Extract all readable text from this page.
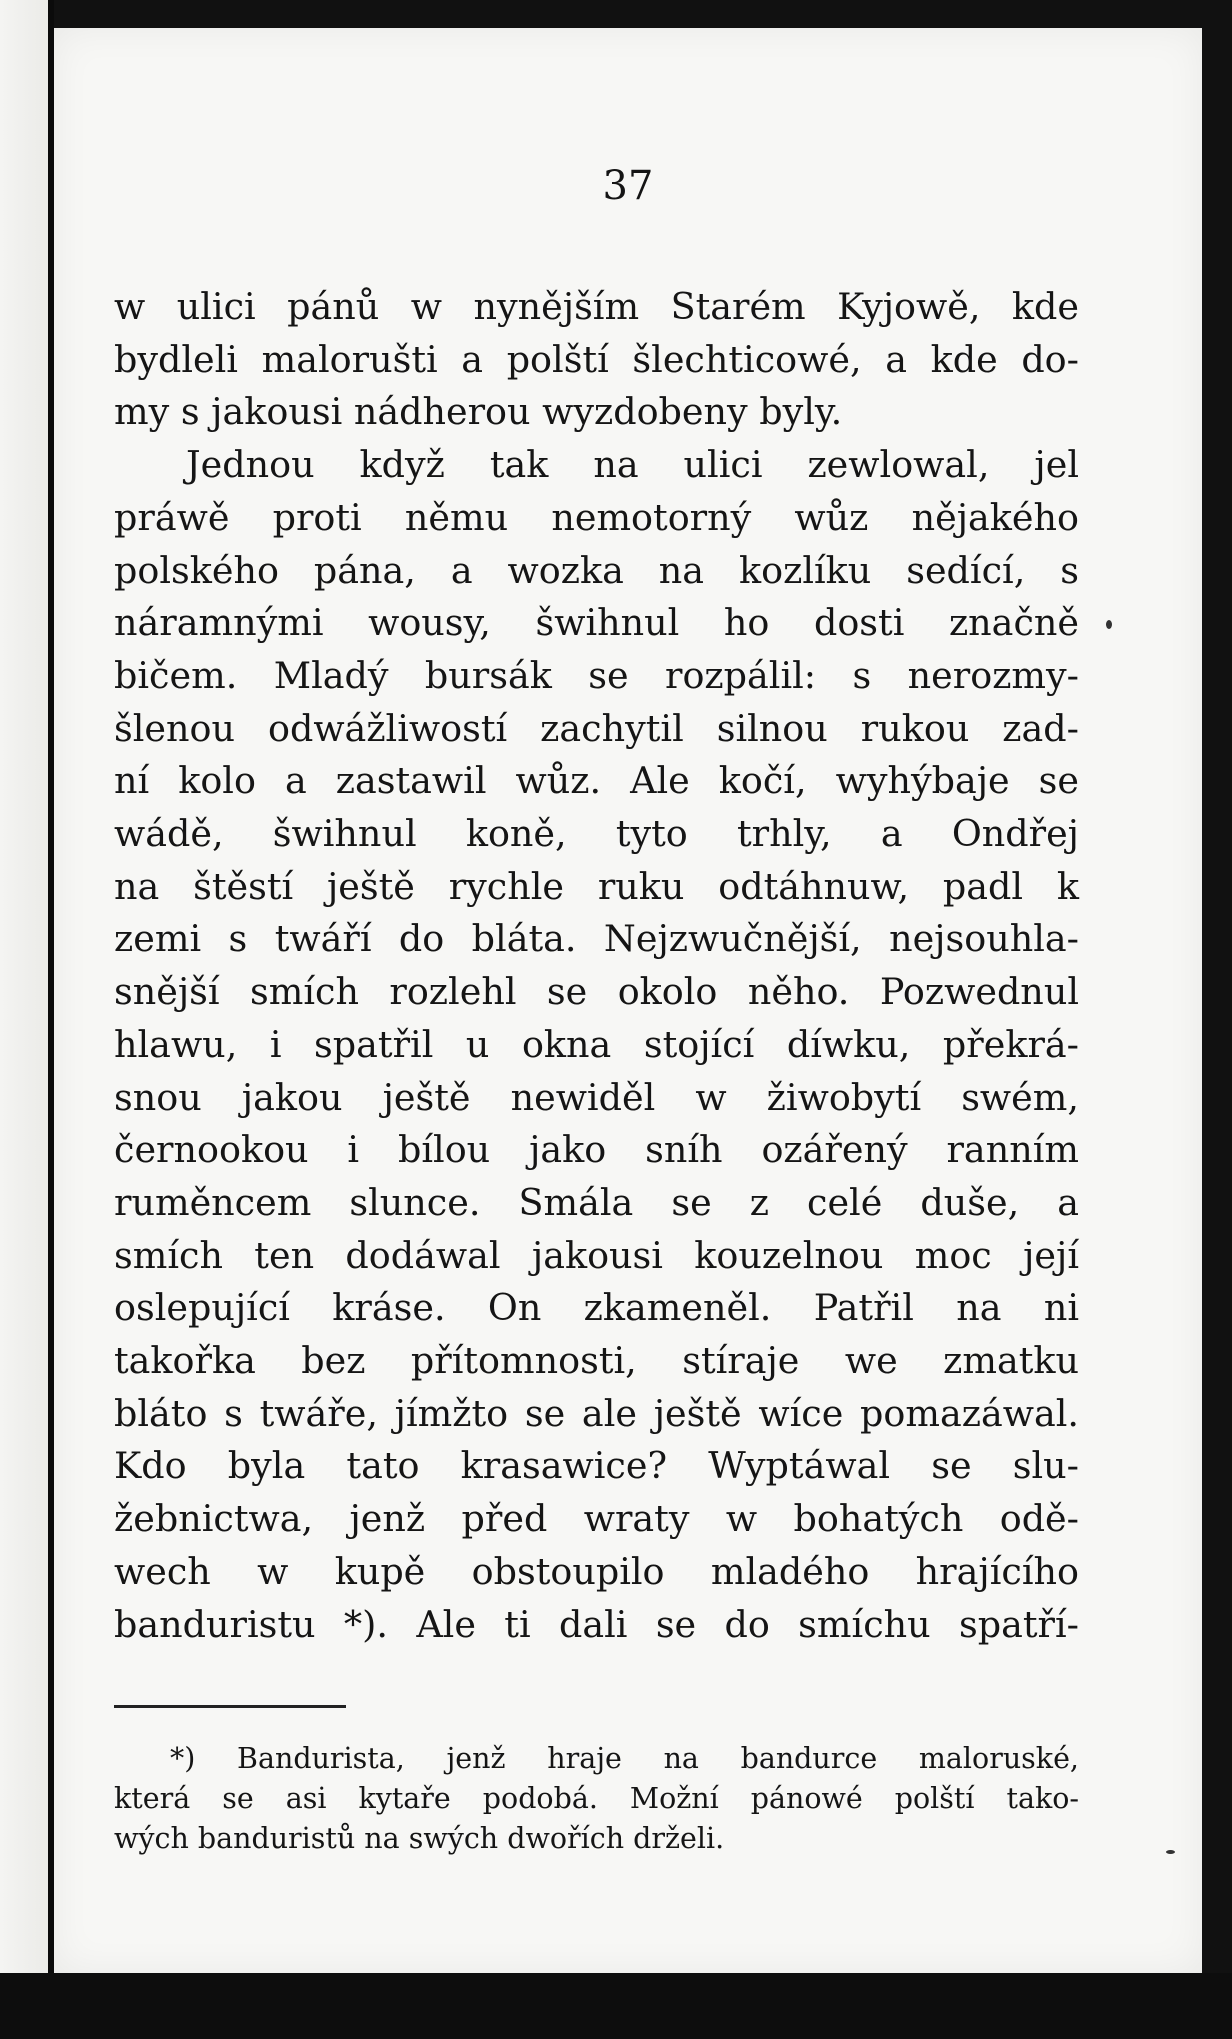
37
w ulici pánů w nynějším Starém Kyjowě, kde
bydleli malorušti a polští šlechticowé, a kde do-
my s jakousi nádherou wyzdobeny byly.
Jednou když tak na ulici zewlowal, jel
práwě proti němu nemotorný wůz nějakého
polského pána, a wozka na kozlíku sedící, s
náramnými wousy, šwihnul ho dosti značně
bičem. Mladý bursák se rozpálil: s nerozmy-
šlenou odwážliwostí zachytil silnou rukou zad-
ní kolo a zastawil wůz. Ale kočí, wyhýbaje se
wádě, šwihnul koně, tyto trhly, a Ondřej
na štěstí ještě rychle ruku odtáhnuw, padl k
zemi s twáří do bláta. Nejzwučnější, nejsouhla-
snější smích rozlehl se okolo něho. Pozwednul
hlawu, i spatřil u okna stojící díwku, překrá-
snou jakou ještě newiděl w žiwobytí swém,
černookou i bílou jako sníh ozářený ranním
ruměncem slunce. Smála se z celé duše, a
smích ten dodáwal jakousi kouzelnou moc její
oslepující kráse. On zkameněl. Patřil na ni
takořka bez přítomnosti, stíraje we zmatku
bláto s twáře, jímžto se ale ještě wíce pomazáwal.
Kdo byla tato krasawice? Wyptáwal se slu-
žebnictwa, jenž před wraty w bohatých odě-
wech w kupě obstoupilo mladého hrajícího
banduristu *). Ale ti dali se do smíchu spatří-
*) Bandurista, jenž hraje na bandurce maloruské,
která se asi kytaře podobá. Možní pánowé polští tako-
wých banduristů na swých dwořích drželi.
